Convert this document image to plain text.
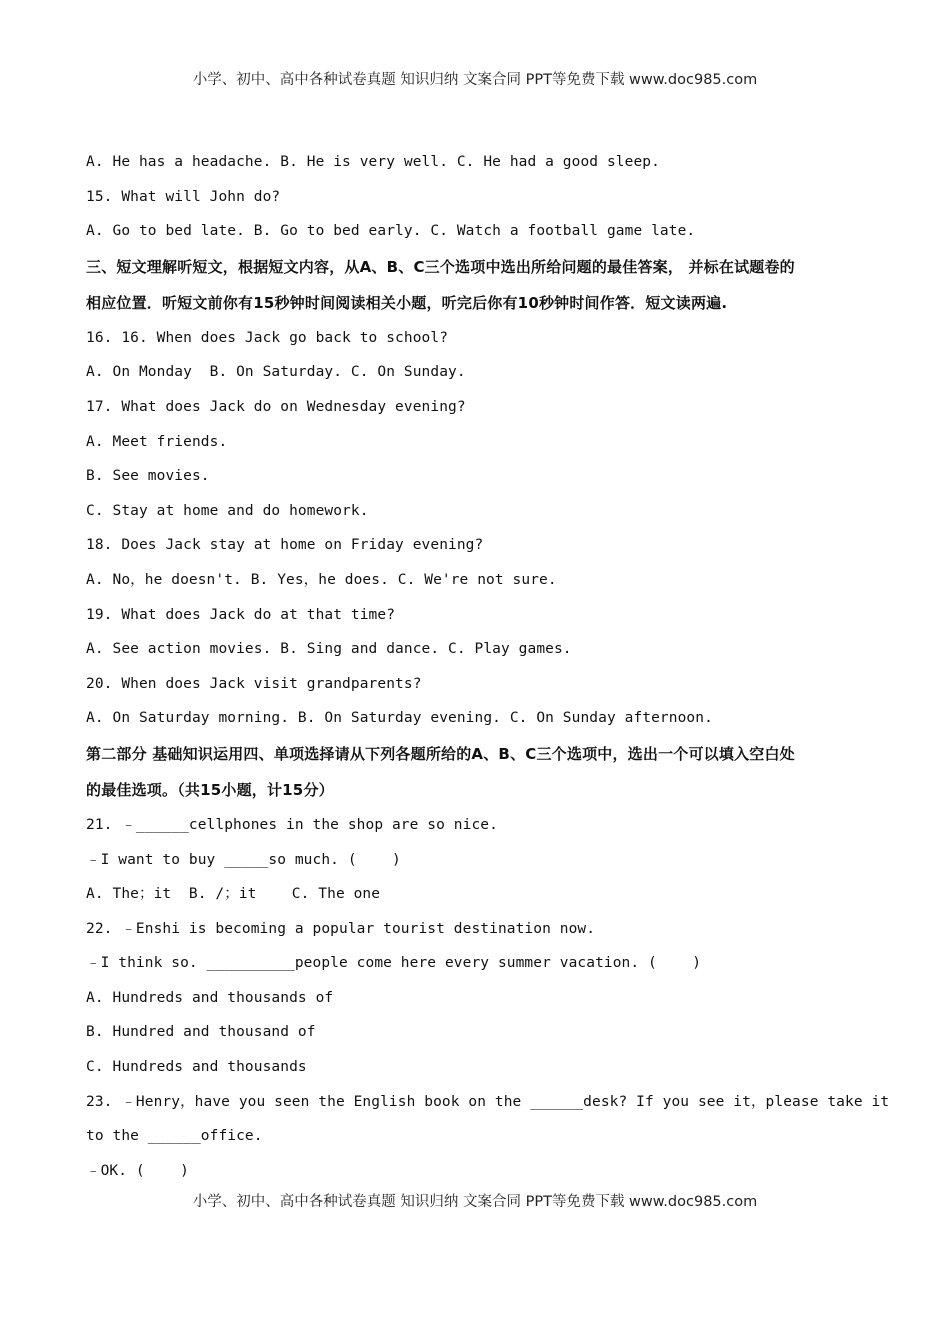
小学、初中、高中各种试卷真题 知识归纳 文案合同 PPT等免费下载 www.doc985.com
A. He has a headache. B. He is very well. C. He had a good sleep.
15. What will John do?
A. Go to bed late. B. Go to bed early. C. Watch a football game late.
三、短文理解听短文，根据短文内容，从A、B、C三个选项中选出所给问题的最佳答案， 并标在试题卷的
相应位置．听短文前你有15秒钟时间阅读相关小题，听完后你有10秒钟时间作答．短文读两遍.
16. 16. When does Jack go back to school?
A. On Monday  B. On Saturday. C. On Sunday.
17. What does Jack do on Wednesday evening?
A. Meet friends.
B. See movies.
C. Stay at home and do homework.
18. Does Jack stay at home on Friday evening?
A. No，he doesn't. B. Yes，he does. C. We're not sure.
19. What does Jack do at that time?
A. See action movies. B. Sing and dance. C. Play games.
20. When does Jack visit grandparents?
A. On Saturday morning. B. On Saturday evening. C. On Sunday afternoon.
第二部分 基础知识运用四、单项选择请从下列各题所给的A、B、C三个选项中，选出一个可以填入空白处
的最佳选项。（共15小题，计15分）
21. ﹣______cellphones in the shop are so nice.
﹣I want to buy _____so much. (    )
A. The；it  B. /；it    C. The one
22. ﹣Enshi is becoming a popular tourist destination now.
﹣I think so. __________people come here every summer vacation. (    )
A. Hundreds and thousands of
B. Hundred and thousand of
C. Hundreds and thousands
23. ﹣Henry，have you seen the English book on the ______desk? If you see it，please take it
to the ______office.
﹣OK. (    )
小学、初中、高中各种试卷真题 知识归纳 文案合同 PPT等免费下载 www.doc985.com
